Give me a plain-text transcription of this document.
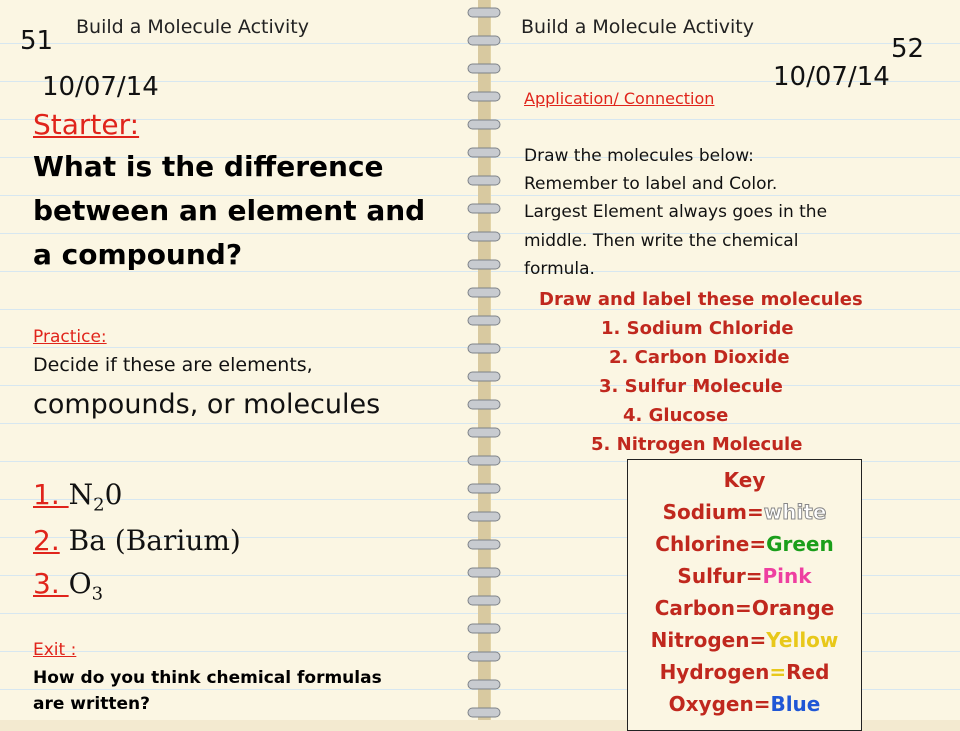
51 Build a Molecule Activity
10/07/14
Starter:
What is the difference
between an element and
a compound?
Practice:
Decide if these are elements,
compounds, or molecules
1. $N_20$
2. Ba (Barium)
3. $O_3$
Exit :
How do you think chemical formulas
are written?
Build a Molecule Activity
52
10/07/14
Application/ Connection
Draw the molecules below:
Remember to label and Color.
Largest Element always goes in the
middle. Then write the chemical
formula.
Draw and label these molecules
1. Sodium Chloride
2. Carbon Dioxide
3. Sulfur Molecule
4. Glucose
5. Nitrogen Molecule
Key
Sodium=white
Chlorine=Green
Sulfur=Pink
Carbon=Orange
Nitrogen=Yellow
Hydrogen=Red
Oxygen=Blue
